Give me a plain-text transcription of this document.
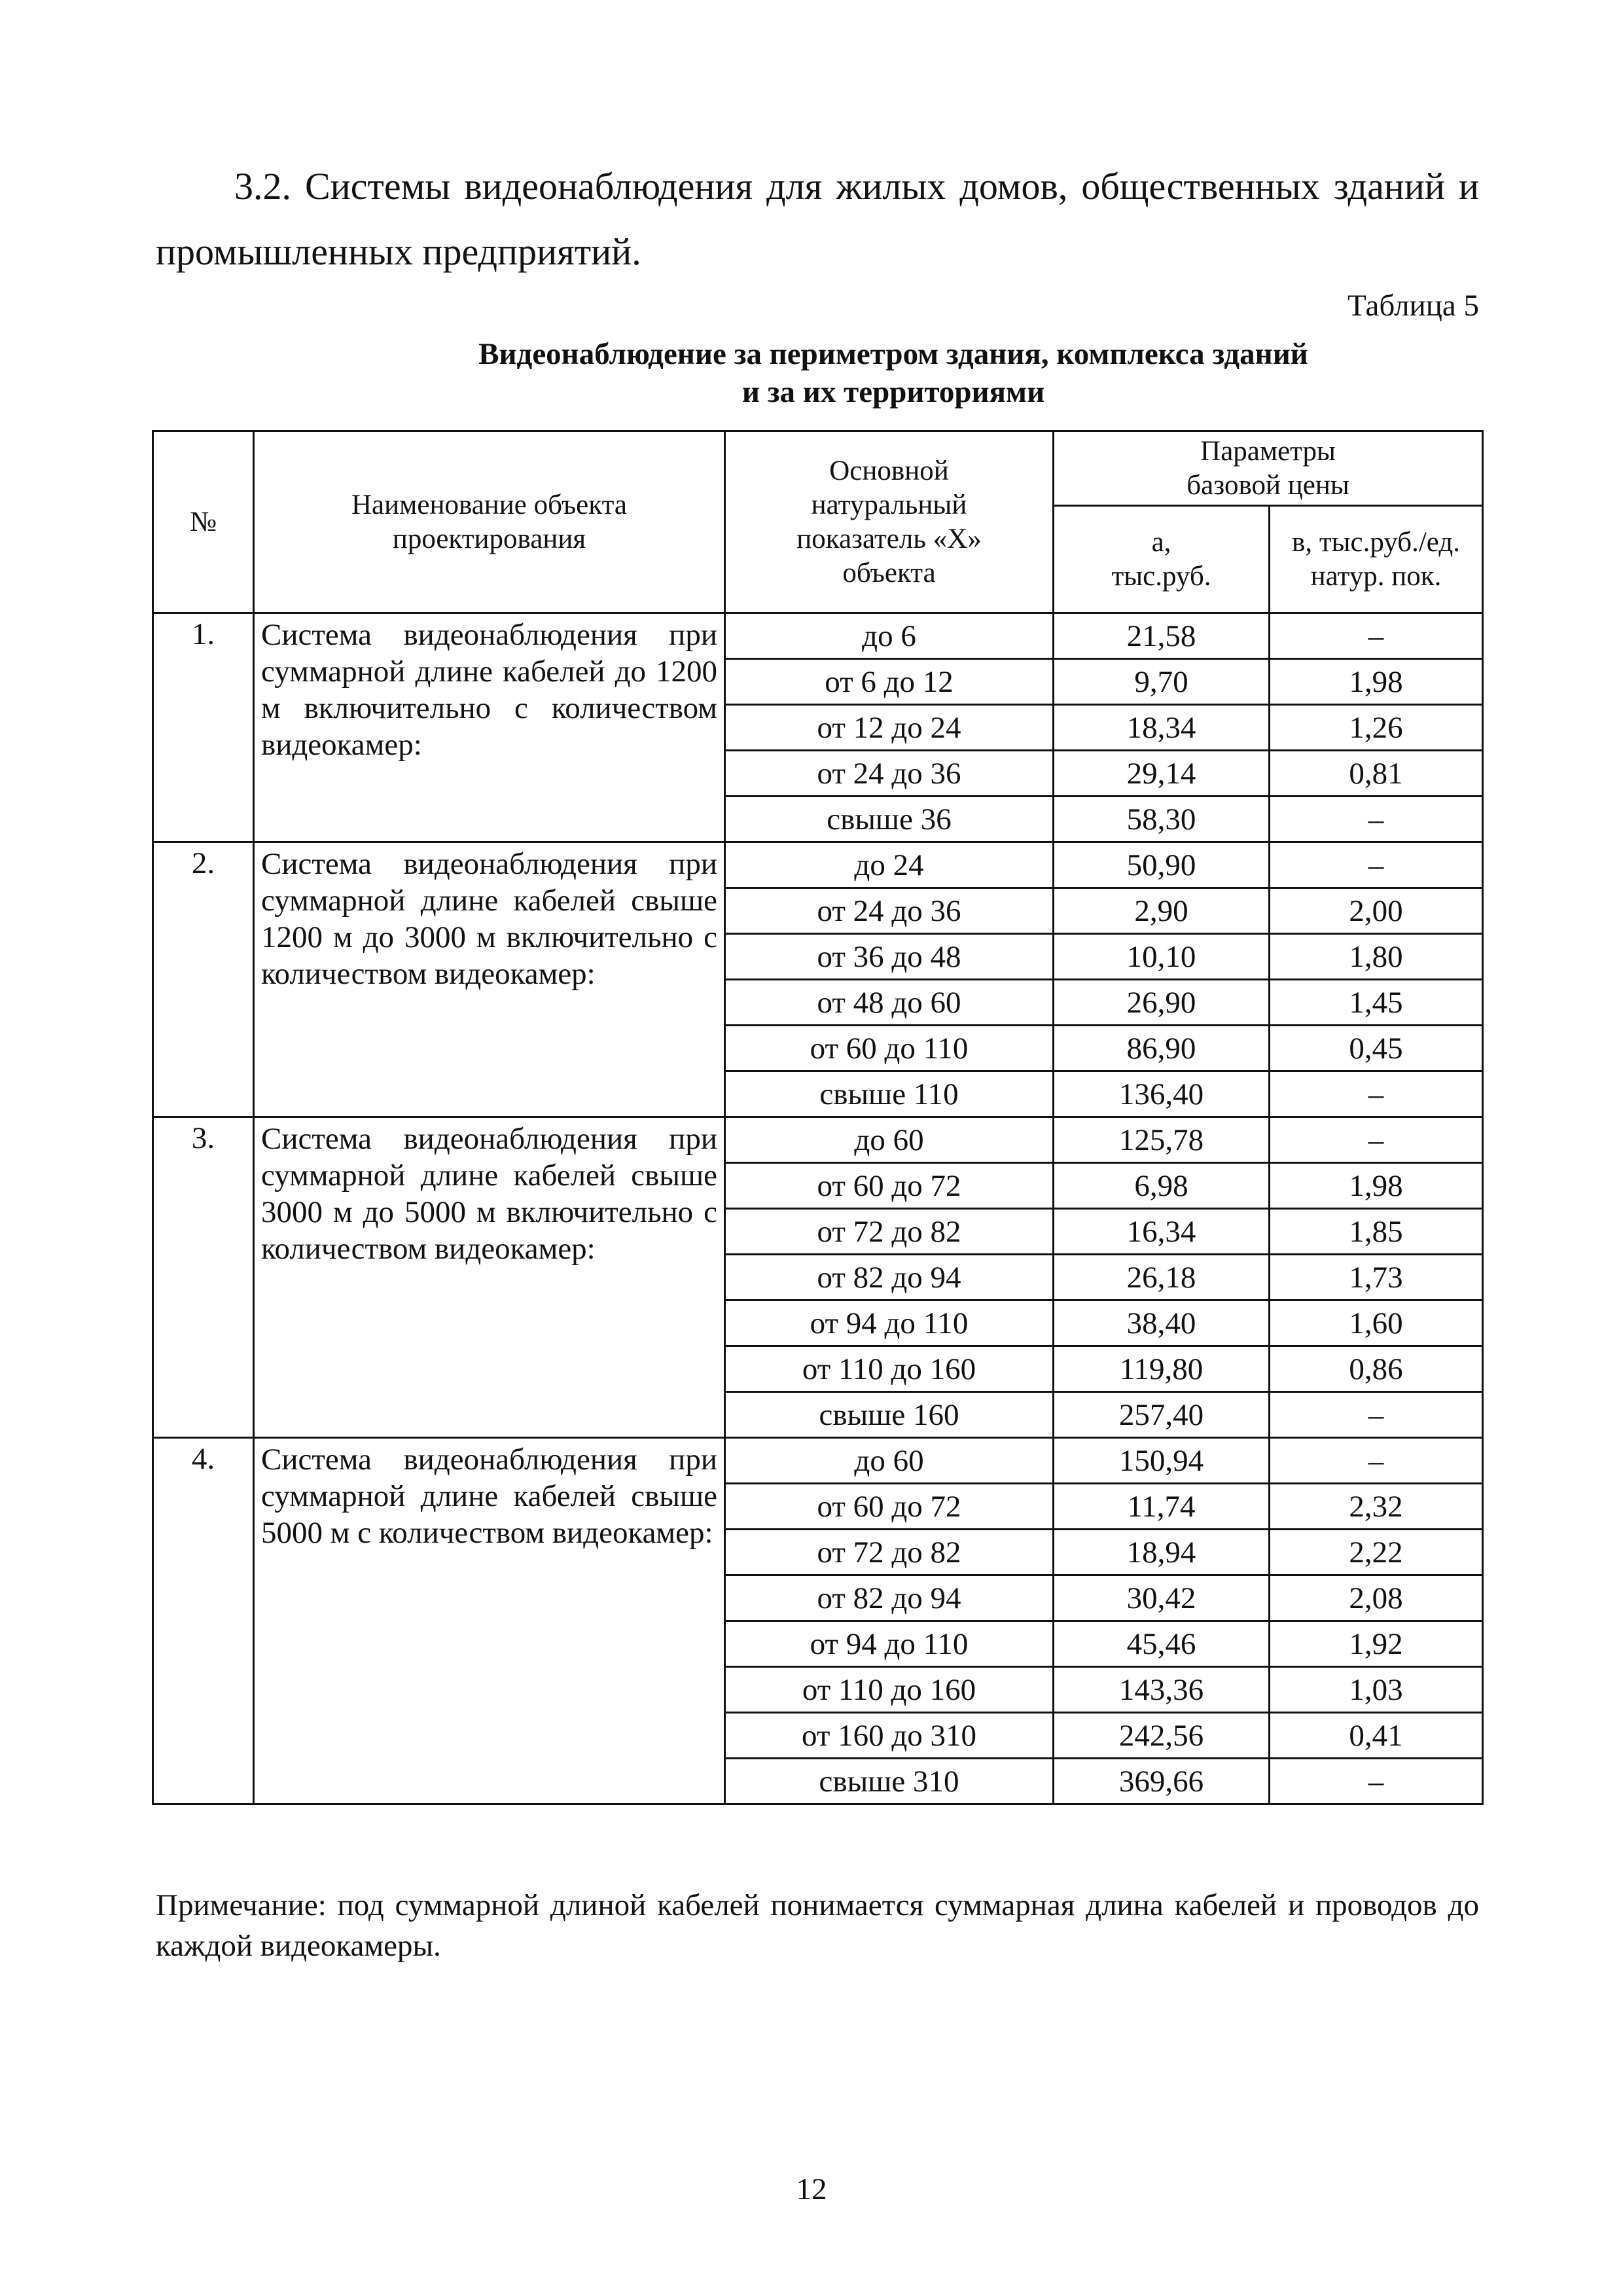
3.2. Системы видеонаблюдения для жилых домов, общественных зданий и промышленных предприятий.

Таблица 5
Видеонаблюдение за периметром здания, комплекса зданий
и за их территориями
№	Наименование объекта проектирования	Основной натуральный показатель «Х» объекта	Параметры базовой цены	
			а, тыс.руб.	в, тыс.руб./ед. натур. пок.
1.	Система видеонаблюдения при суммарной длине кабелей до 1200 м включительно с количеством видеокамер:	до 6	21,58	–
		от 6 до 12	9,70	1,98
		от 12 до 24	18,34	1,26
		от 24 до 36	29,14	0,81
		свыше 36	58,30	–
2.	Система видеонаблюдения при суммарной длине кабелей свыше 1200 м до 3000 м включительно с количеством видеокамер:	до 24	50,90	–
		от 24 до 36	2,90	2,00
		от 36 до 48	10,10	1,80
		от 48 до 60	26,90	1,45
		от 60 до 110	86,90	0,45
		свыше 110	136,40	–
3.	Система видеонаблюдения при суммарной длине кабелей свыше 3000 м до 5000 м включительно с количеством видеокамер:	до 60	125,78	–
		от 60 до 72	6,98	1,98
		от 72 до 82	16,34	1,85
		от 82 до 94	26,18	1,73
		от 94 до 110	38,40	1,60
		от 110 до 160	119,80	0,86
		свыше 160	257,40	–
4.	Система видеонаблюдения при суммарной длине кабелей свыше 5000 м с количеством видеокамер:	до 60	150,94	–
		от 60 до 72	11,74	2,32
		от 72 до 82	18,94	2,22
		от 82 до 94	30,42	2,08
		от 94 до 110	45,46	1,92
		от 110 до 160	143,36	1,03
		от 160 до 310	242,56	0,41
		свыше 310	369,66	–

Примечание: под суммарной длиной кабелей понимается суммарная длина кабелей и проводов до каждой видеокамеры.

12
